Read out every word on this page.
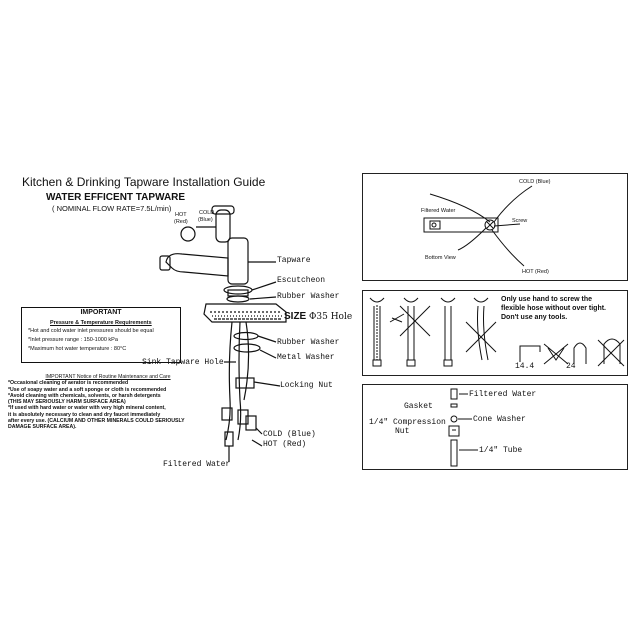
Kitchen & Drinking Tapware Installation Guide
WATER EFFICENT TAPWARE
( NOMINAL FLOW RATE=7.5L/min)
HOT
(Red)
COLD
(Blue)
Tapware
Escutcheon
Rubber Washer
SIZE Φ35 Hole
Rubber Washer
Sink Tapware Hole
Metal Washer
Locking Nut
COLD (Blue)
HOT (Red)
Filtered Water
IMPORTANT
Pressure & Temperature Requirements
*Hot and cold water inlet pressures should be equal
*Inlet pressure range : 150-1000 kPa
*Maximum hot water temperature : 80°C
IMPORTANT Notice of Routine Maintenance and Care
*Occasional cleaning of aerator is recommended
*Use of soapy water and a soft sponge or cloth is recommended
*Avoid cleaning with chemicals, solvents, or harsh detergents
(THIS MAY SERIOUSLY HARM SURFACE AREA)
*If used with hard water or water with very high mineral content,
it is absolutely necessary to clean and dry faucet immediately
after every use. (CALCIUM AND OTHER MINERALS COULD SERIOUSLY
DAMAGE SURFACE AREA).
COLD (Blue)
Filtered Water
Screw
Bottom View
HOT (Red)
Only use hand to screw the
flexible hose without over tight.
Don't use any tools.
14.4	24
Filtered Water
Gasket
Cone Washer
1/4" Compression
Nut
1/4" Tube
